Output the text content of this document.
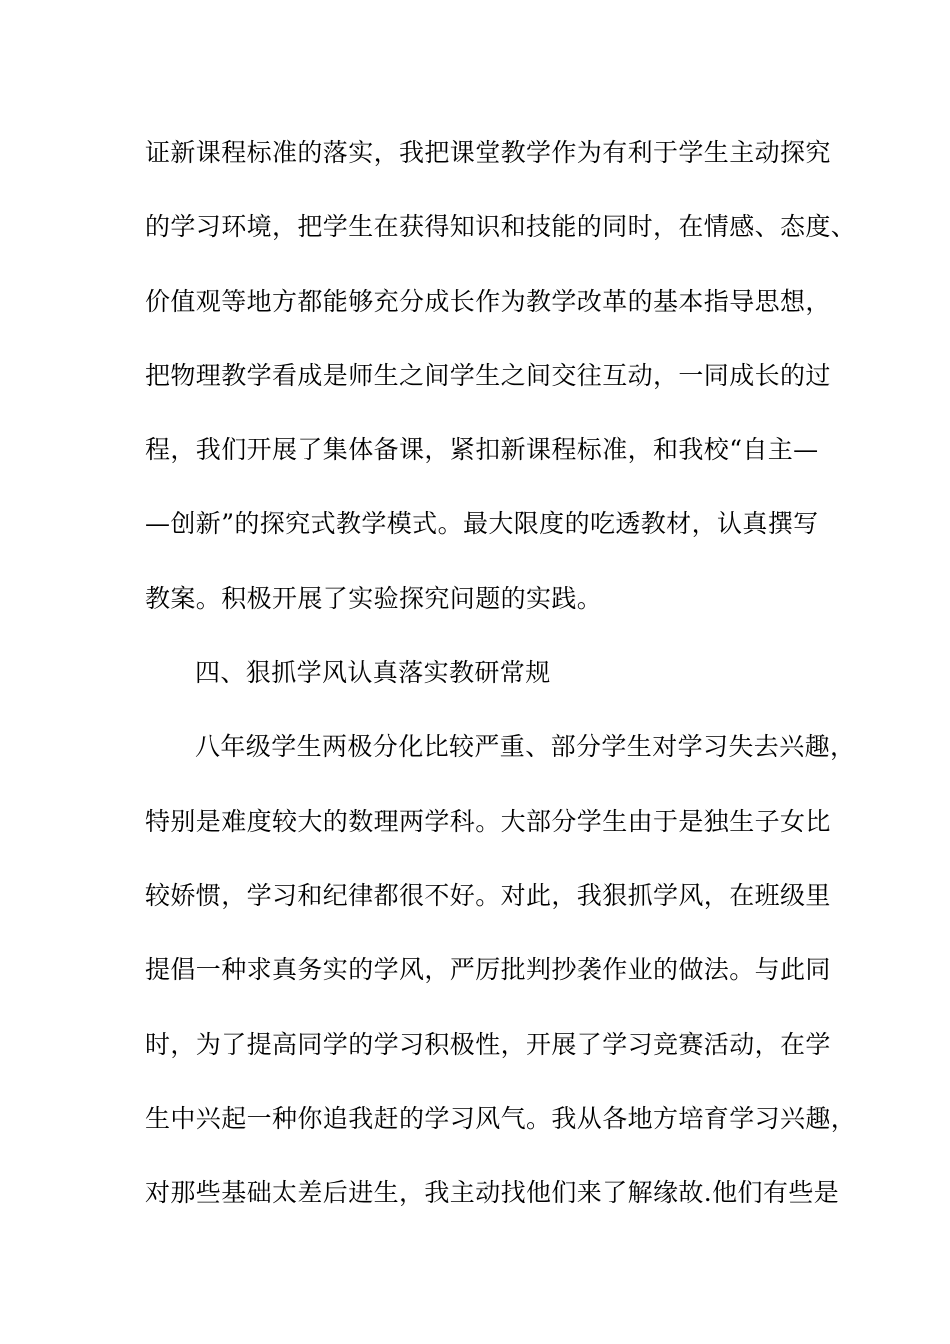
证新课程标准的落实，我把课堂教学作为有利于学生主动探究
的学习环境，把学生在获得知识和技能的同时，在情感、态度、
价值观等地方都能够充分成长作为教学改革的基本指导思想，
把物理教学看成是师生之间学生之间交往互动，一同成长的过
程，我们开展了集体备课，紧扣新课程标准，和我校“自主—
—创新”的探究式教学模式。最大限度的吃透教材，认真撰写
教案。积极开展了实验探究问题的实践。
四、狠抓学风认真落实教研常规
八年级学生两极分化比较严重、部分学生对学习失去兴趣，
特别是难度较大的数理两学科。大部分学生由于是独生子女比
较娇惯，学习和纪律都很不好。对此，我狠抓学风，在班级里
提倡一种求真务实的学风，严厉批判抄袭作业的做法。与此同
时，为了提高同学的学习积极性，开展了学习竞赛活动，在学
生中兴起一种你追我赶的学习风气。我从各地方培育学习兴趣，
对那些基础太差后进生，我主动找他们来了解缘故.他们有些是
